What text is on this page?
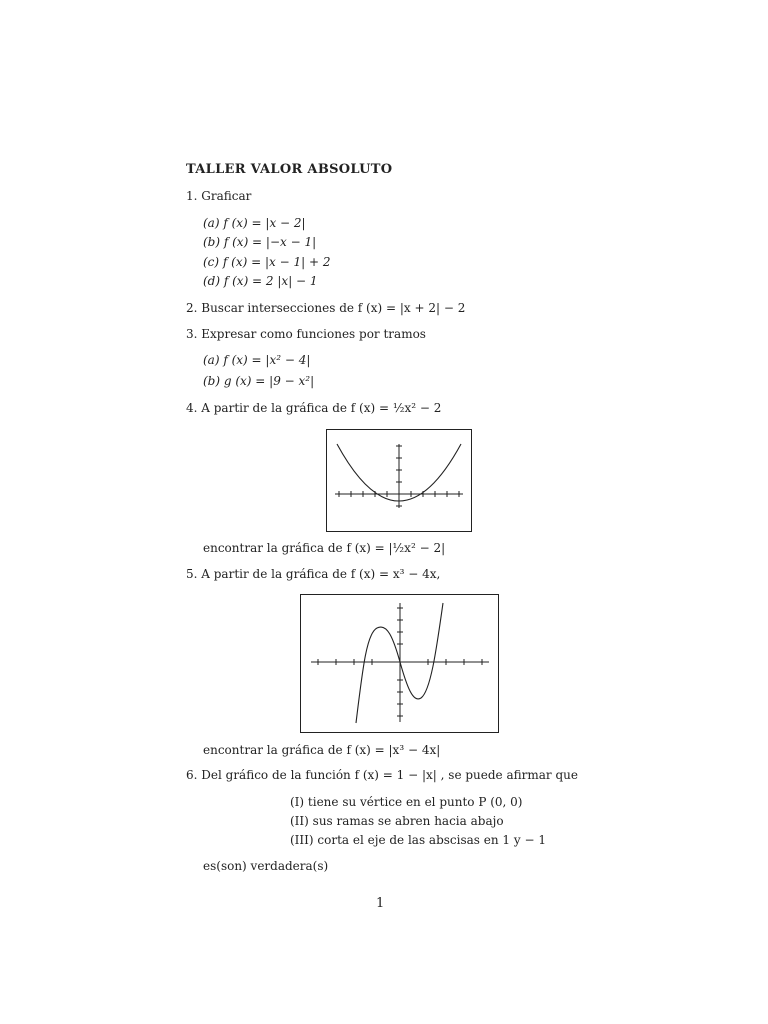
TALLER VALOR ABSOLUTO
1. Graficar
(a) f (x) = |x − 2|
(b) f (x) = |−x − 1|
(c) f (x) = |x − 1| + 2
(d) f (x) = 2 |x| − 1
2. Buscar intersecciones de f (x) = |x + 2| − 2
3. Expresar como funciones por tramos
(a) f (x) = |x² − 4|
(b) g (x) = |9 − x²|
4. A partir de la gráfica de f (x) = ½x² − 2
encontrar la gráfica de f (x) = |½x² − 2|
5. A partir de la gráfica de f (x) = x³ − 4x,
encontrar la gráfica de f (x) = |x³ − 4x|
6. Del gráfico de la función f (x) = 1 − |x| , se puede afirmar que
(I) tiene su vértice en el punto P (0, 0)
(II) sus ramas se abren hacia abajo
(III) corta el eje de las abscisas en 1 y − 1
es(son) verdadera(s)
1
